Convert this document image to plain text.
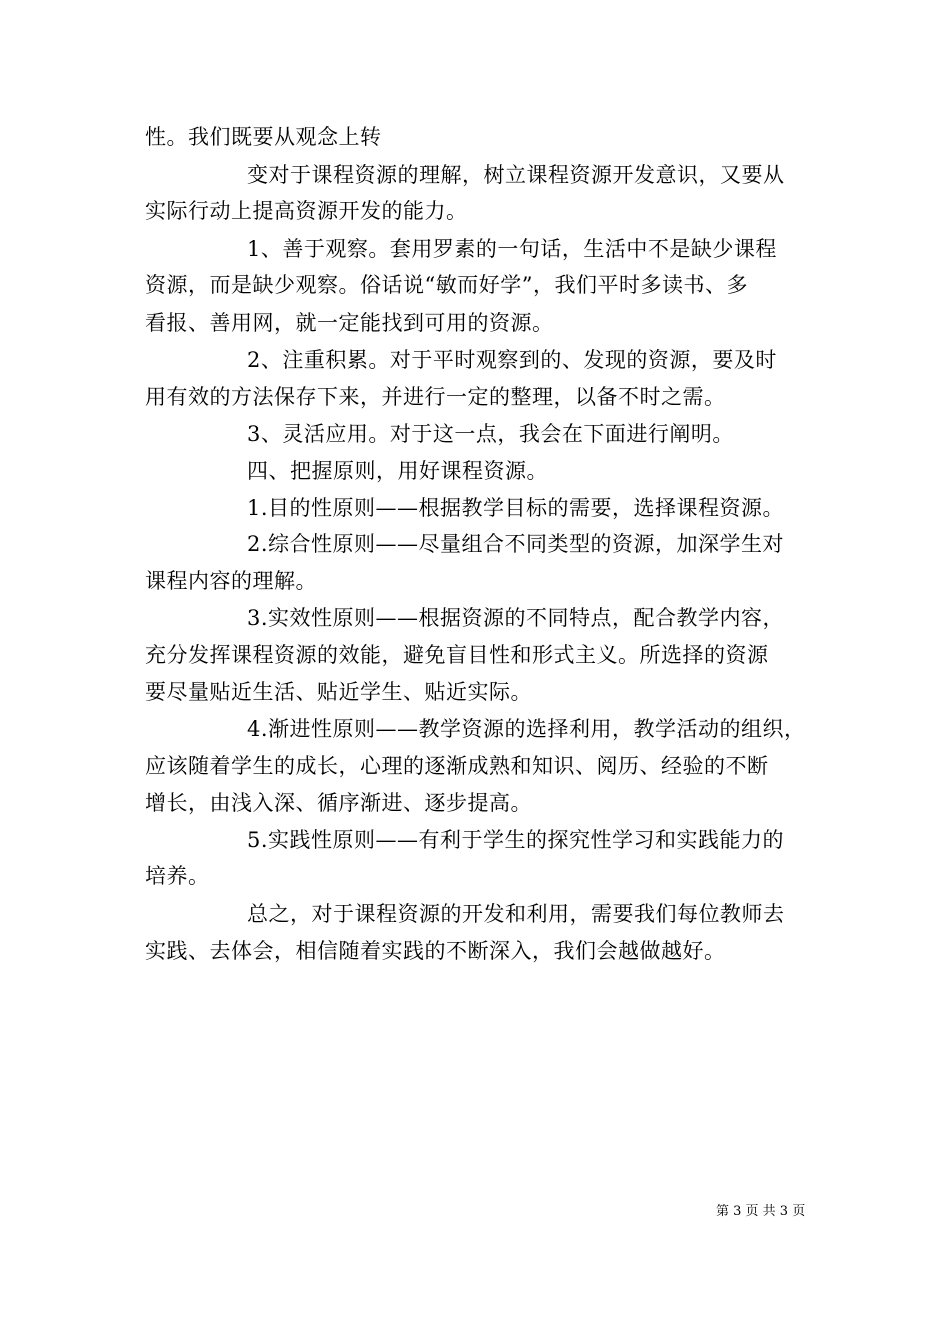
性。我们既要从观念上转
变对于课程资源的理解，树立课程资源开发意识，又要从
实际行动上提高资源开发的能力。
1、善于观察。套用罗素的一句话，生活中不是缺少课程
资源，而是缺少观察。俗话说“敏而好学”，我们平时多读书、多
看报、善用网，就一定能找到可用的资源。
2、注重积累。对于平时观察到的、发现的资源，要及时
用有效的方法保存下来，并进行一定的整理，以备不时之需。
3、灵活应用。对于这一点，我会在下面进行阐明。
四、把握原则，用好课程资源。
1.目的性原则——根据教学目标的需要，选择课程资源。
2.综合性原则——尽量组合不同类型的资源，加深学生对
课程内容的理解。
3.实效性原则——根据资源的不同特点，配合教学内容，
充分发挥课程资源的效能，避免盲目性和形式主义。所选择的资源
要尽量贴近生活、贴近学生、贴近实际。
4.渐进性原则——教学资源的选择利用，教学活动的组织，
应该随着学生的成长，心理的逐渐成熟和知识、阅历、经验的不断
增长，由浅入深、循序渐进、逐步提高。
5.实践性原则——有利于学生的探究性学习和实践能力的
培养。
总之，对于课程资源的开发和利用，需要我们每位教师去
实践、去体会，相信随着实践的不断深入，我们会越做越好。
第 3 页 共 3 页
